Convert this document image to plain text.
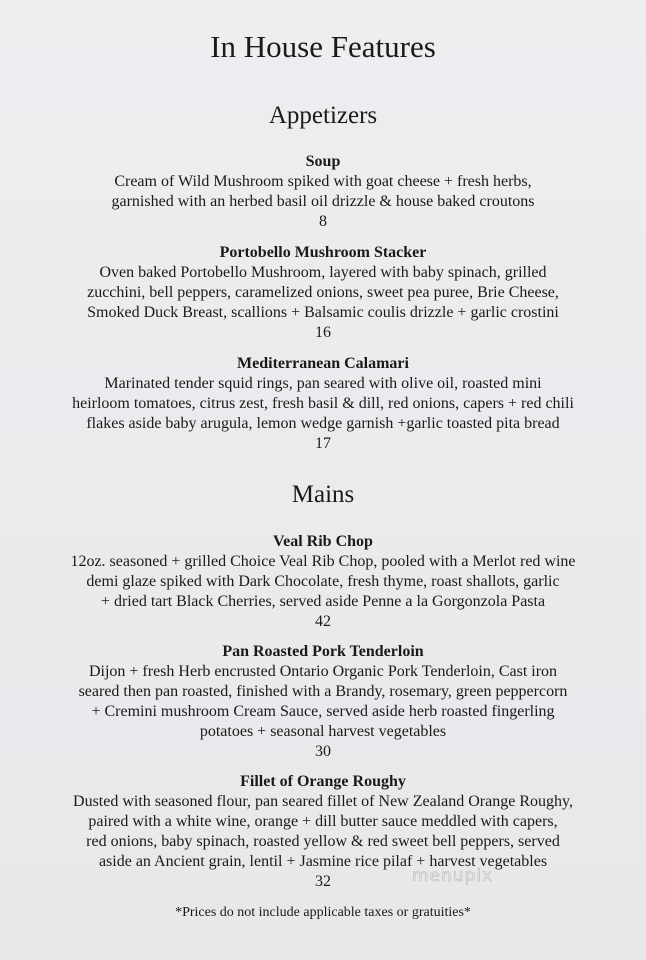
In House Features
Appetizers
Soup
Cream of Wild Mushroom spiked with goat cheese + fresh herbs,
garnished with an herbed basil oil drizzle & house baked croutons
8
Portobello Mushroom Stacker
Oven baked Portobello Mushroom, layered with baby spinach, grilled
zucchini, bell peppers, caramelized onions, sweet pea puree, Brie Cheese,
Smoked Duck Breast, scallions + Balsamic coulis drizzle + garlic crostini
16
Mediterranean Calamari
Marinated tender squid rings, pan seared with olive oil, roasted mini
heirloom tomatoes, citrus zest, fresh basil & dill, red onions, capers + red chili
flakes aside baby arugula, lemon wedge garnish +garlic toasted pita bread
17
Mains
Veal Rib Chop
12oz. seasoned + grilled Choice Veal Rib Chop, pooled with a Merlot red wine
demi glaze spiked with Dark Chocolate, fresh thyme, roast shallots, garlic
+ dried tart Black Cherries, served aside Penne a la Gorgonzola Pasta
42
Pan Roasted Pork Tenderloin
Dijon + fresh Herb encrusted Ontario Organic Pork Tenderloin, Cast iron
seared then pan roasted, finished with a Brandy, rosemary, green peppercorn
+ Cremini mushroom Cream Sauce, served aside herb roasted fingerling
potatoes + seasonal harvest vegetables
30
Fillet of Orange Roughy
Dusted with seasoned flour, pan seared fillet of New Zealand Orange Roughy,
paired with a white wine, orange + dill butter sauce meddled with capers,
red onions, baby spinach, roasted yellow & red sweet bell peppers, served
aside an Ancient grain, lentil + Jasmine rice pilaf + harvest vegetables
32	menupix
*Prices do not include applicable taxes or gratuities*
